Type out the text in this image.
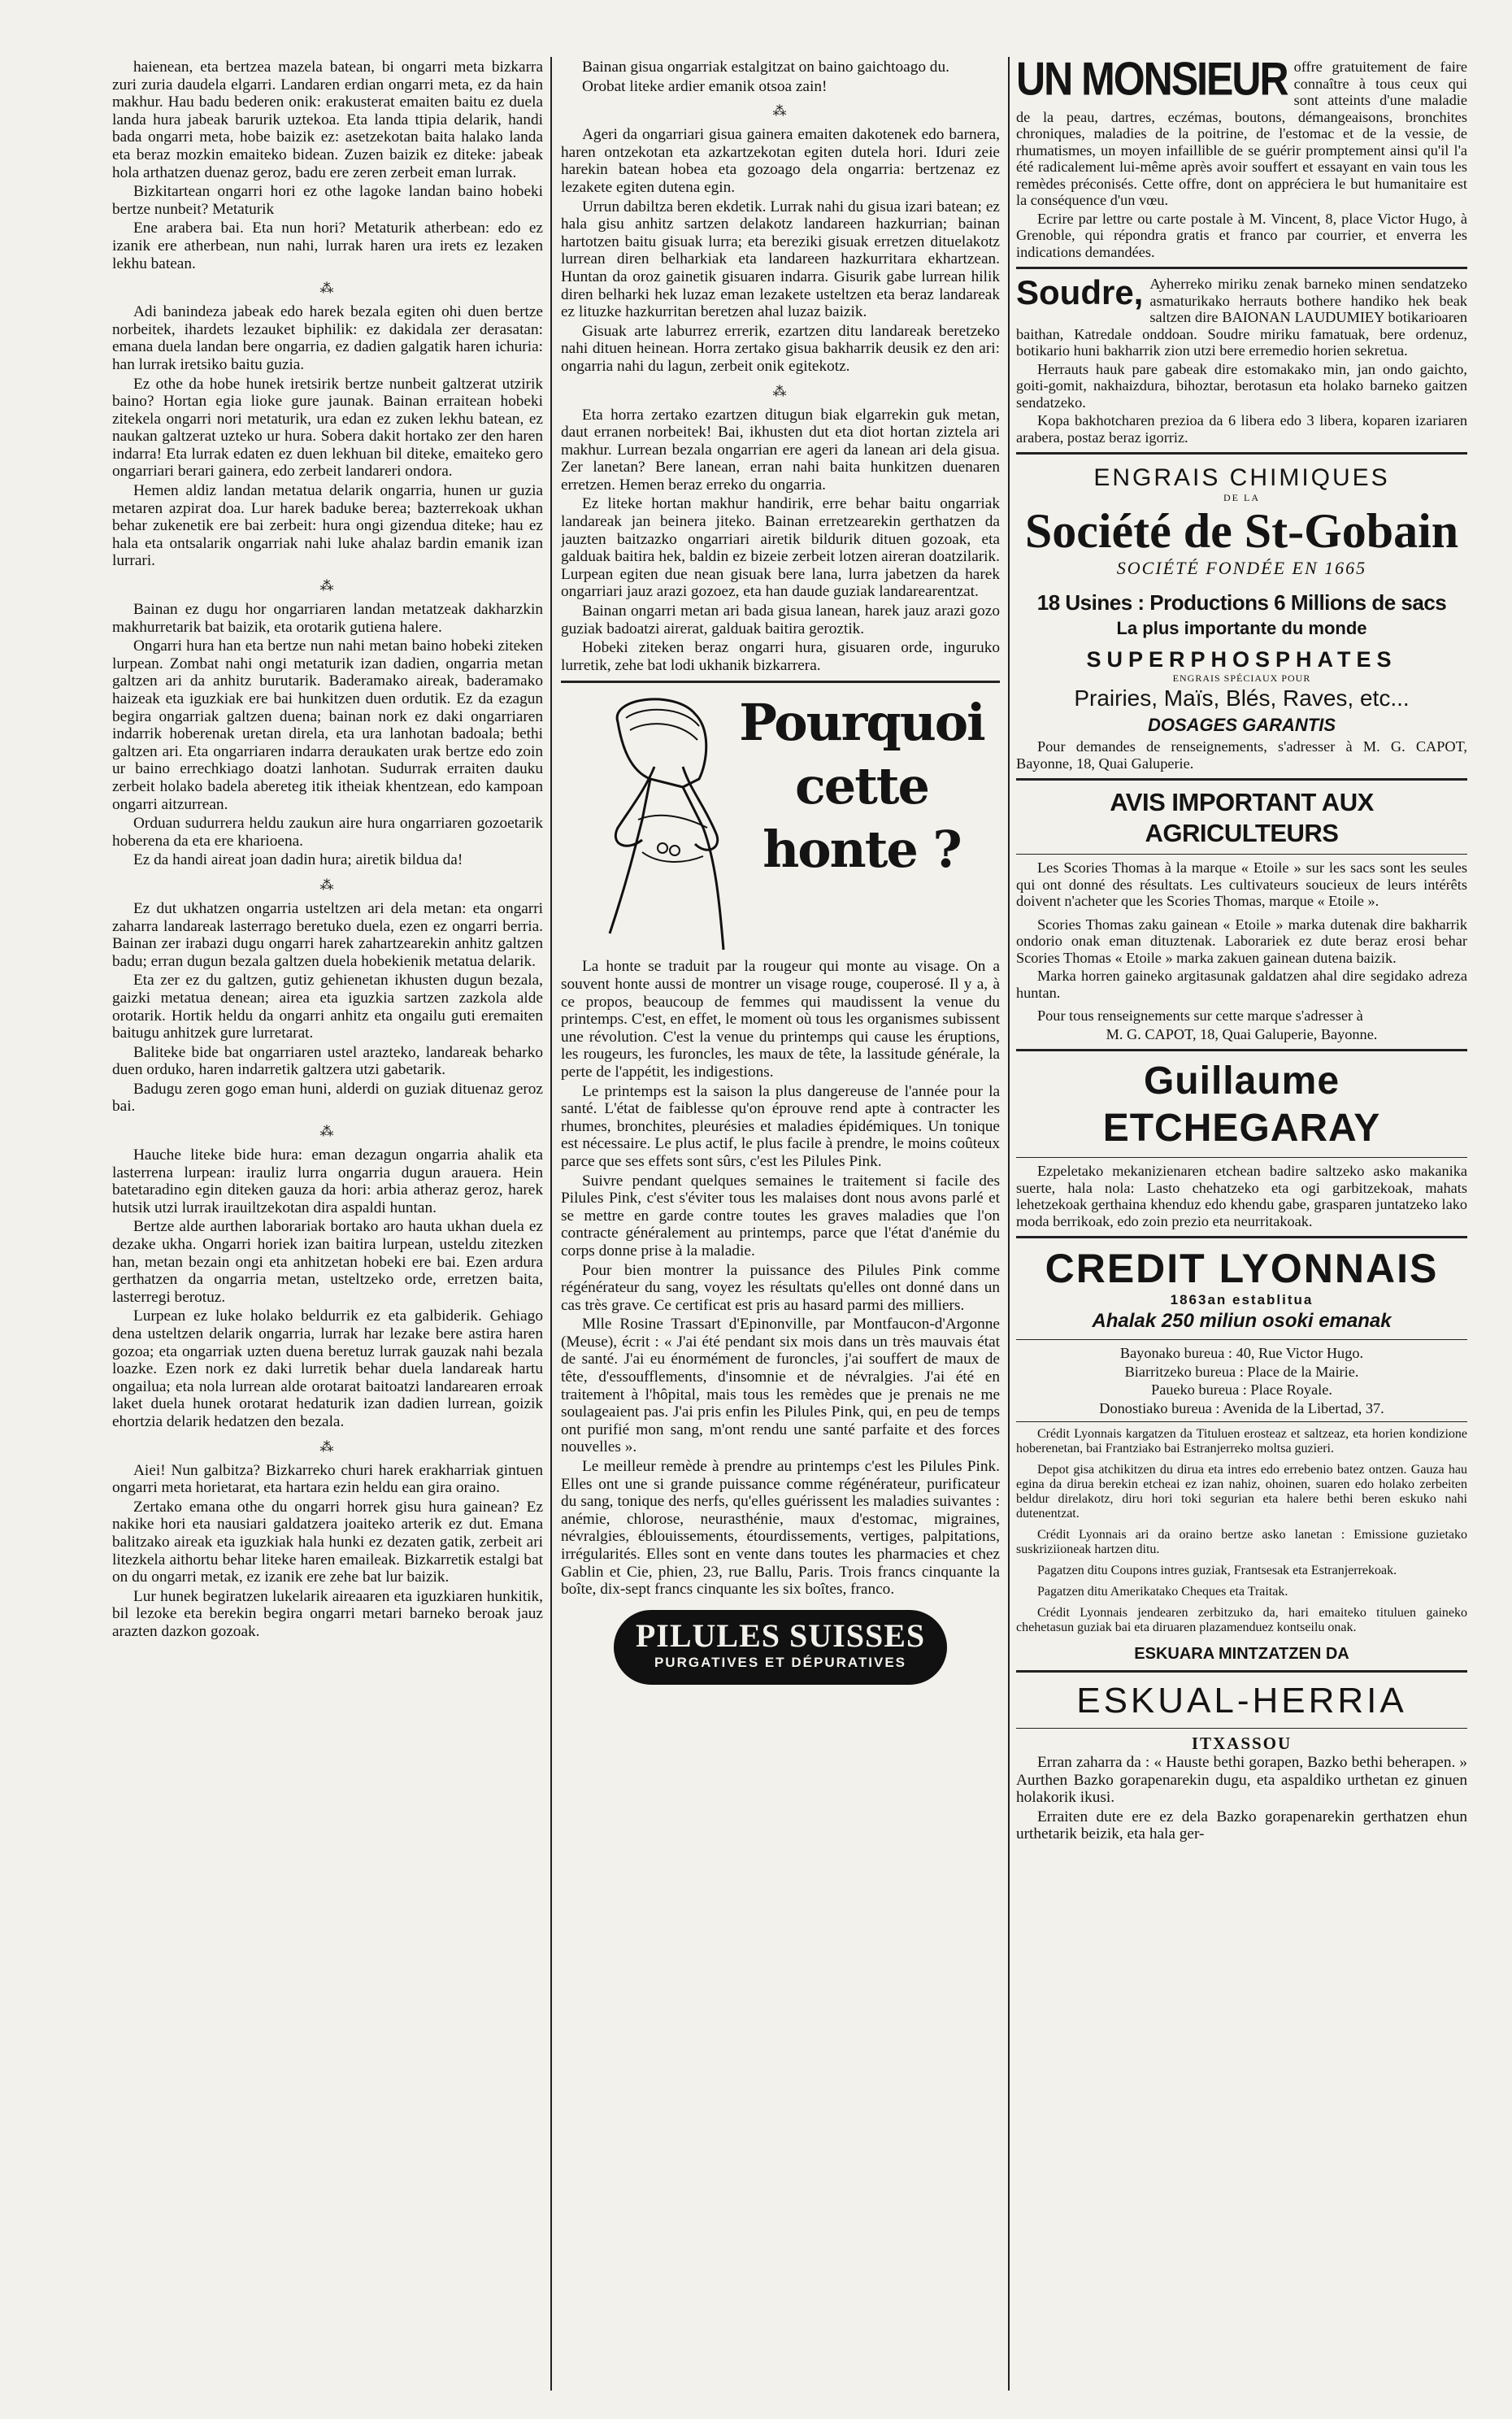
haienean, eta bertzea mazela batean, bi ongarri meta bizkarra zuri zuria daudela elgarri. Landaren erdian ongarri meta, ez da hain makhur. Hau badu bederen onik: erakusterat emaiten baitu ez duela landa hura jabeak barurik uztekoa. Eta landa ttipia delarik, handi bada ongarri meta, hobe baizik ez: asetzekotan baita halako landa eta beraz mozkin emaiteko bidean. Zuzen baizik ez diteke: jabeak hola arthatzen duenaz geroz, badu ere zeren zerbeit eman lurrak.

Bizkitartean ongarri hori ez othe lagoke landan baino hobeki bertze nunbeit? Metaturik

Ene arabera bai. Eta nun hori? Metaturik atherbean: edo ez izanik ere atherbean, nun nahi, lurrak haren ura irets ez lezaken lekhu batean.

⁂

Adi banindeza jabeak edo harek bezala egiten ohi duen bertze norbeitek, ihardets lezauket biphilik: ez dakidala zer derasatan: emana duela landan bere ongarria, ez dadien galgatik haren ichuria: han lurrak iretsiko baitu guzia.

Ez othe da hobe hunek iretsirik bertze nunbeit galtzerat utzirik baino? Hortan egia lioke gure jaunak. Bainan erraitean hobeki zitekela ongarri nori metaturik, ura edan ez zuken lekhu batean, ez naukan galtzerat uzteko ur hura. Sobera dakit hortako zer den haren indarra! Eta lurrak edaten ez duen lekhuan bil diteke, emaiteko gero ongarriari berari gainera, edo zerbeit landareri ondora.

Hemen aldiz landan metatua delarik ongarria, hunen ur guzia metaren azpirat doa. Lur harek baduke berea; bazterrekoak ukhan behar zukenetik ere bai zerbeit: hura ongi gizendua diteke; hau ez hala eta ontsalarik ongarriak nahi luke ahalaz bardin emanik izan lurrari.

⁂

Bainan ez dugu hor ongarriaren landan metatzeak dakharzkin makhurretarik bat baizik, eta orotarik gutiena halere.

Ongarri hura han eta bertze nun nahi metan baino hobeki ziteken lurpean. Zombat nahi ongi metaturik izan dadien, ongarria metan galtzen ari da anhitz burutarik. Baderamako aireak, baderamako haizeak eta iguzkiak ere bai hunkitzen duen ordutik. Ez da ezagun begira ongarriak galtzen duena; bainan nork ez daki ongarriaren indarrik hoberenak uretan direla, eta ura lanhotan badoala; bethi galtzen ari. Eta ongarriaren indarra deraukaten urak bertze edo zoin ur baino errechkiago doatzi lanhotan. Sudurrak erraiten dauku zerbeit holako badela abereteg itik itheiak khentzean, edo kampoan ongarri aitzurrean.

Orduan sudurrera heldu zaukun aire hura ongarriaren gozoetarik hoberena da eta ere kharioena.

Ez da handi aireat joan dadin hura; airetik bildua da!

⁂

Ez dut ukhatzen ongarria usteltzen ari dela metan: eta ongarri zaharra landareak lasterrago beretuko duela, ezen ez ongarri berria. Bainan zer irabazi dugu ongarri harek zahartzearekin anhitz galtzen badu; erran dugun bezala galtzen duela hobekienik metatua delarik.

Eta zer ez du galtzen, gutiz gehienetan ikhusten dugun bezala, gaizki metatua denean; airea eta iguzkia sartzen zazkola alde orotarik. Hortik heldu da ongarri anhitz eta ongailu guti eremaiten baitugu anhitzek gure lurretarat.

Baliteke bide bat ongarriaren ustel arazteko, landareak beharko duen orduko, haren indarretik galtzera utzi gabetarik.

Badugu zeren gogo eman huni, alderdi on guziak dituenaz geroz bai.

⁂

Hauche liteke bide hura: eman dezagun ongarria ahalik eta lasterrena lurpean: irauliz lurra ongarria dugun arauera. Hein batetaradino egin diteken gauza da hori: arbia atheraz geroz, harek hutsik utzi lurrak irauiltzekotan dira aspaldi huntan.

Bertze alde aurthen laborariak bortako aro hauta ukhan duela ez dezake ukha. Ongarri horiek izan baitira lurpean, usteldu zitezken han, metan bezain ongi eta anhitzetan hobeki ere bai. Ezen ardura gerthatzen da ongarria metan, usteltzeko orde, erretzen baita, lasterregi berotuz.

Lurpean ez luke holako beldurrik ez eta galbiderik. Gehiago dena usteltzen delarik ongarria, lurrak har lezake bere astira haren gozoa; eta ongarriak uzten duena beretuz lurrak gauzak nahi bezala loazke. Ezen nork ez daki lurretik behar duela landareak hartu ongailua; eta nola lurrean alde orotarat baitoatzi landarearen erroak laket duela hunek orotarat hedaturik izan dadien lurrean, goizik ehortzia delarik hedatzen den bezala.

⁂

Aiei! Nun galbitza? Bizkarreko churi harek erakharriak gintuen ongarri meta horietarat, eta hartara ezin heldu ean gira oraino.

Zertako emana othe du ongarri horrek gisu hura gainean? Ez nakike hori eta nausiari galdatzera joaiteko arterik ez dut. Emana balitzako aireak eta iguzkiak hala hunki ez dezaten gatik, zerbeit ari litezkela aithortu behar liteke haren emaileak. Bizkarretik estalgi bat on du ongarri metak, ez izanik ere zehe bat lur baizik.

Lur hunek begiratzen lukelarik aireaaren eta iguzkiaren hunkitik, bil lezoke eta berekin begira ongarri metari barneko beroak jauz arazten dazkon gozoak.

Bainan gisua ongarriak estalgitzat on baino gaichtoago du.

Orobat liteke ardier emanik otsoa zain!

⁂

Ageri da ongarriari gisua gainera emaiten dakotenek edo barnera, haren ontzekotan eta azkartzekotan egiten dutela hori. Iduri zeie harekin batean hobea eta gozoago dela ongarria: bertzenaz ez lezakete egiten dutena egin.

Urrun dabiltza beren ekdetik. Lurrak nahi du gisua izari batean; ez hala gisu anhitz sartzen delakotz landareen hazkurrian; bainan hartotzen baitu gisuak lurra; eta bereziki gisuak erretzen dituelakotz lurrean diren belharkiak eta landareen hazkurritara ekhartzean. Huntan da oroz gainetik gisuaren indarra. Gisurik gabe lurrean hilik diren belharki hek luzaz eman lezakete usteltzen eta beraz landareak ez lituzke hazkurritan beretzen ahal luzaz baizik.

Gisuak arte laburrez errerik, ezartzen ditu landareak beretzeko nahi dituen heinean. Horra zertako gisua bakharrik deusik ez den ari: ongarria nahi du lagun, zerbeit onik egitekotz.

⁂

Eta horra zertako ezartzen ditugun biak elgarrekin guk metan, daut erranen norbeitek! Bai, ikhusten dut eta diot hortan ziztela ari makhur. Lurrean bezala ongarrian ere ageri da lanean ari dela gisua. Zer lanetan? Bere lanean, erran nahi baita hunkitzen duenaren erretzen. Hemen beraz erreko du ongarria.

Ez liteke hortan makhur handirik, erre behar baitu ongarriak landareak jan beinera jiteko. Bainan erretzearekin gerthatzen da jauzten baitzazko ongarriari airetik bildurik dituen gozoak, eta galduak baitira hek, baldin ez bizeie zerbeit lotzen aireran doatzilarik. Lurpean egiten due nean gisuak bere lana, lurra jabetzen da harek ongarriari jauz arazi gozoez, eta han daude guziak landarearentzat.

Bainan ongarri metan ari bada gisua lanean, harek jauz arazi gozo guziak badoatzi airerat, galduak baitira geroztik.

Hobeki ziteken beraz ongarri hura, gisuaren orde, inguruko lurretik, zehe bat lodi ukhanik bizkarrera.

Pourquoi
cette
honte ?

La honte se traduit par la rougeur qui monte au visage. On a souvent honte aussi de montrer un visage rouge, couperosé. Il y a, à ce propos, beaucoup de femmes qui maudissent la venue du printemps. C'est, en effet, le moment où tous les organismes subissent une révolution. C'est la venue du printemps qui cause les éruptions, les rougeurs, les furoncles, les maux de tête, la lassitude générale, la perte de l'appétit, les indigestions.

Le printemps est la saison la plus dangereuse de l'année pour la santé. L'état de faiblesse qu'on éprouve rend apte à contracter les rhumes, bronchites, pleurésies et maladies épidémiques. Un tonique est nécessaire. Le plus actif, le plus facile à prendre, le moins coûteux parce que ses effets sont sûrs, c'est les Pilules Pink.

Suivre pendant quelques semaines le traitement si facile des Pilules Pink, c'est s'éviter tous les malaises dont nous avons parlé et se mettre en garde contre toutes les graves maladies que l'on contracte généralement au printemps, parce que l'état d'anémie du corps donne prise à la maladie.

Pour bien montrer la puissance des Pilules Pink comme régénérateur du sang, voyez les résultats qu'elles ont donné dans un cas très grave. Ce certificat est pris au hasard parmi des milliers.

Mlle Rosine Trassart d'Epinonville, par Montfaucon-d'Argonne (Meuse), écrit : « J'ai été pendant six mois dans un très mauvais état de santé. J'ai eu énormément de furoncles, j'ai souffert de maux de tête, d'essoufflements, d'insomnie et de névralgies. J'ai été en traitement à l'hôpital, mais tous les remèdes que je prenais ne me soulageaient pas. J'ai pris enfin les Pilules Pink, qui, en peu de temps ont purifié mon sang, m'ont rendu une santé parfaite et des forces nouvelles ».

Le meilleur remède à prendre au printemps c'est les Pilules Pink. Elles ont une si grande puissance comme régénérateur, purificateur du sang, tonique des nerfs, qu'elles guérissent les maladies suivantes : anémie, chlorose, neurasthénie, maux d'estomac, migraines, névralgies, éblouissements, étourdissements, vertiges, palpitations, irrégularités. Elles sont en vente dans toutes les pharmacies et chez Gablin et Cie, phien, 23, rue Ballu, Paris. Trois francs cinquante la boîte, dix-sept francs cinquante les six boîtes, franco.

PILULES SUISSES
PURGATIVES ET DÉPURATIVES
UN MONSIEUR offre gratuitement de faire connaître à tous ceux qui sont atteints d'une maladie de la peau, dartres, eczémas, boutons, démangeaisons, bronchites chroniques, maladies de la poitrine, de l'estomac et de la vessie, de rhumatismes, un moyen infaillible de se guérir promptement ainsi qu'il l'a été radicalement lui-même après avoir souffert et essayant en vain tous les remèdes préconisés. Cette offre, dont on appréciera le but humanitaire est la conséquence d'un vœu.

Ecrire par lettre ou carte postale à M. Vincent, 8, place Victor Hugo, à Grenoble, qui répondra gratis et franco par courrier, et enverra les indications demandées.

Soudre, Ayherreko miriku zenak barneko minen sendatzeko asmaturikako herrauts bothere handiko hek beak saltzen dire BAIONAN LAUDUMIEY botikarioaren baithan, Katredale onddoan. Soudre miriku famatuak, bere ordenuz, botikario huni bakharrik zion utzi bere erremedio horien sekretua.

Herrauts hauk pare gabeak dire estomakako min, jan ondo gaichto, goiti-gomit, nakhaizdura, bihoztar, berotasun eta holako barneko gaitzen sendatzeko.

Kopa bakhotcharen prezioa da 6 libera edo 3 libera, koparen izariaren arabera, postaz beraz igorriz.

ENGRAIS CHIMIQUES
DE LA
Société de St-Gobain
SOCIÉTÉ FONDÉE EN 1665
18 Usines : Productions 6 Millions de sacs
La plus importante du monde
SUPERPHOSPHATES
ENGRAIS SPÉCIAUX POUR
Prairies, Maïs, Blés, Raves, etc...
DOSAGES GARANTIS

Pour demandes de renseignements, s'adresser à M. G. CAPOT, Bayonne, 18, Quai Galuperie.

AVIS IMPORTANT AUX AGRICULTEURS

Les Scories Thomas à la marque « Etoile » sur les sacs sont les seules qui ont donné des résultats. Les cultivateurs soucieux de leurs intérêts doivent n'acheter que les Scories Thomas, marque « Etoile ».

Scories Thomas zaku gainean « Etoile » marka dutenak dire bakharrik ondorio onak eman dituztenak. Laborariek ez dute beraz erosi behar Scories Thomas « Etoile » marka zakuen gainean dutena baizik.

Marka horren gaineko argitasunak galdatzen ahal dire segidako adreza huntan.

Pour tous renseignements sur cette marque s'adresser à

M. G. CAPOT, 18, Quai Galuperie, Bayonne.

Guillaume ETCHEGARAY

Ezpeletako mekanizienaren etchean badire saltzeko asko makanika suerte, hala nola: Lasto chehatzeko eta ogi garbitzekoak, mahats lehetzekoak gerthaina khenduz edo khendu gabe, grasparen juntatzeko lako moda berrikoak, edo zoin prezio eta neurritakoak.

CREDIT LYONNAIS
1863an establitua
Ahalak 250 miliun osoki emanak

Bayonako bureua : 40, Rue Victor Hugo.

Biarritzeko bureua : Place de la Mairie.

Paueko bureua : Place Royale.

Donostiako bureua : Avenida de la Libertad, 37.

Crédit Lyonnais kargatzen da Tituluen erosteaz et saltzeaz, eta horien kondizione hoberenetan, bai Frantziako bai Estranjerreko moltsa guzieri.

Depot gisa atchikitzen du dirua eta intres edo errebenio batez ontzen. Gauza hau egina da dirua berekin etcheai ez izan nahiz, ohoinen, suaren edo holako zerbeiten beldur direlakotz, diru hori toki segurian eta halere bethi beren eskuko nahi dutenentzat.

Crédit Lyonnais ari da oraino bertze asko lanetan : Emissione guzietako suskriziioneak hartzen ditu.

Pagatzen ditu Coupons intres guziak, Frantsesak eta Estranjerrekoak.

Pagatzen ditu Amerikatako Cheques eta Traitak.

Crédit Lyonnais jendearen zerbitzuko da, hari emaiteko tituluen gaineko chehetasun guziak bai eta diruaren plazamenduez kontseilu onak.

ESKUARA MINTZATZEN DA
ESKUAL-HERRIA
ITXASSOU

Erran zaharra da : « Hauste bethi gorapen, Bazko bethi beherapen. » Aurthen Bazko gorapenarekin dugu, eta aspaldiko urthetan ez ginuen holakorik ikusi.

Erraiten dute ere ez dela Bazko gorapenarekin gerthatzen ehun urthetarik beizik, eta hala ger-
